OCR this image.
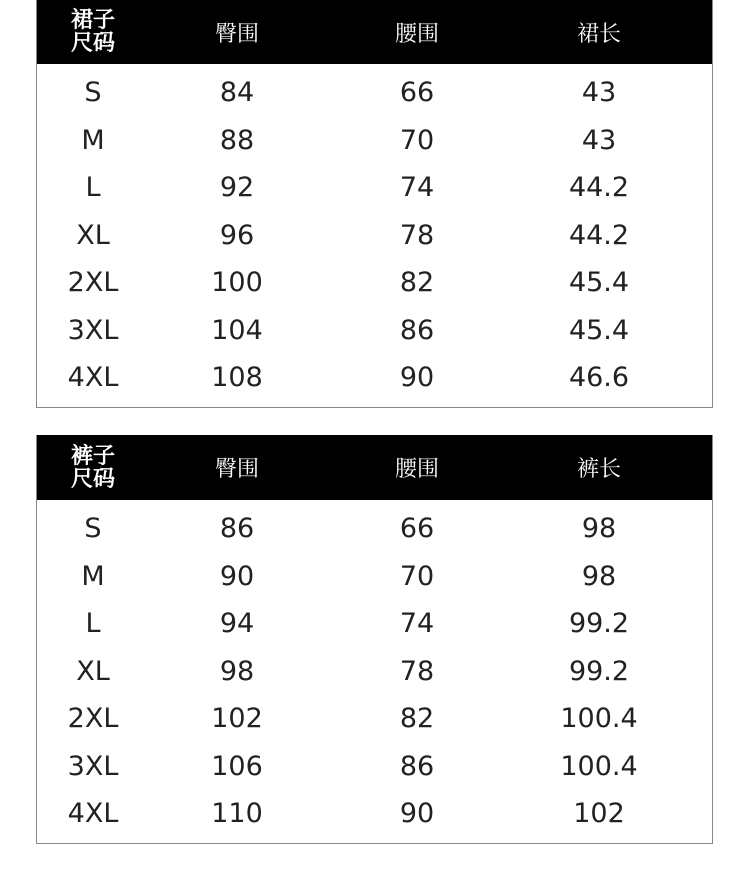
裙子
尺码	臀围	腰围	裙长
S	84	66	43
M	88	70	43
L	92	74	44.2
XL	96	78	44.2
2XL	100	82	45.4
3XL	104	86	45.4
4XL	108	90	46.6
裤子
尺码	臀围	腰围	裤长
S	86	66	98
M	90	70	98
L	94	74	99.2
XL	98	78	99.2
2XL	102	82	100.4
3XL	106	86	100.4
4XL	110	90	102
